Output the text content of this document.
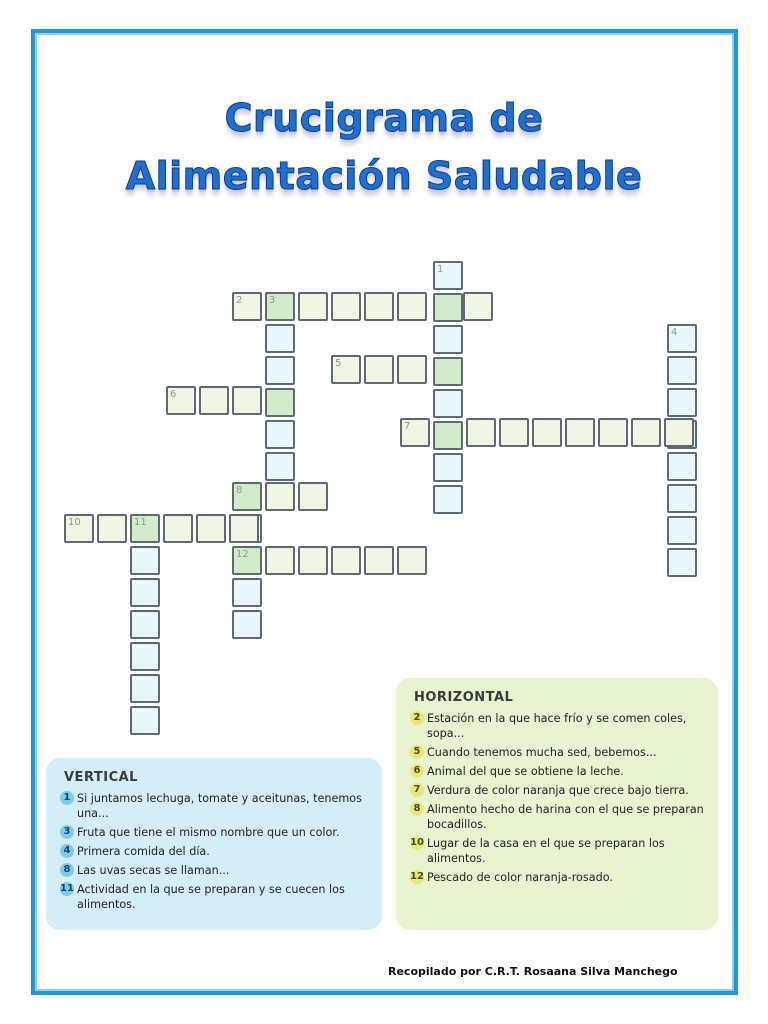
Crucigrama de
Alimentación Saludable
1
2	3
4
5
6
7
8
12
10	11
VERTICAL
1 Si juntamos lechuga, tomate y aceitunas, tenemos una...
3 Fruta que tiene el mismo nombre que un color.
4 Primera comida del día.
8 Las uvas secas se llaman...
11 Actividad en la que se preparan y se cuecen los alimentos.
HORIZONTAL
2 Estación en la que hace frío y se comen coles, sopa...
5 Cuando tenemos mucha sed, bebemos...
6 Animal del que se obtiene la leche.
7 Verdura de color naranja que crece bajo tierra.
8 Alimento hecho de harina con el que se preparan bocadillos.
10 Lugar de la casa en el que se preparan los alimentos.
12 Pescado de color naranja-rosado.
Recopilado por C.R.T. Rosaana Silva Manchego
